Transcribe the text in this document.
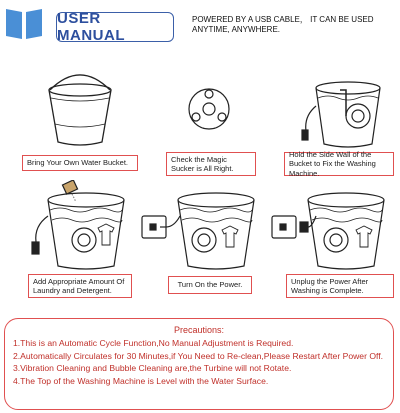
USER MANUAL
POWERED BY A USB CABLE， IT CAN BE USED ANYTIME, ANYWHERE.
Bring Your Own Water Bucket.	Check the Magic Sucker is All Right.
Hold the Side Wall of the Bucket to Fix the Washing Machine.
Add Appropriate Amount Of Laundry and Detergent.
Turn On the Power.	Unplug the Power After Washing is Complete.
Precautions:
1.This is an Automatic Cycle Function,No Manual Adjustment is Required.
2.Automatically Circulates for 30 Minutes,if You Need to Re-clean,Please Restart After Power Off.
3.Vibration Cleaning and Bubble Cleaning are,the Turbine will not Rotate.
4.The Top of the Washing Machine is Level with the Water Surface.
